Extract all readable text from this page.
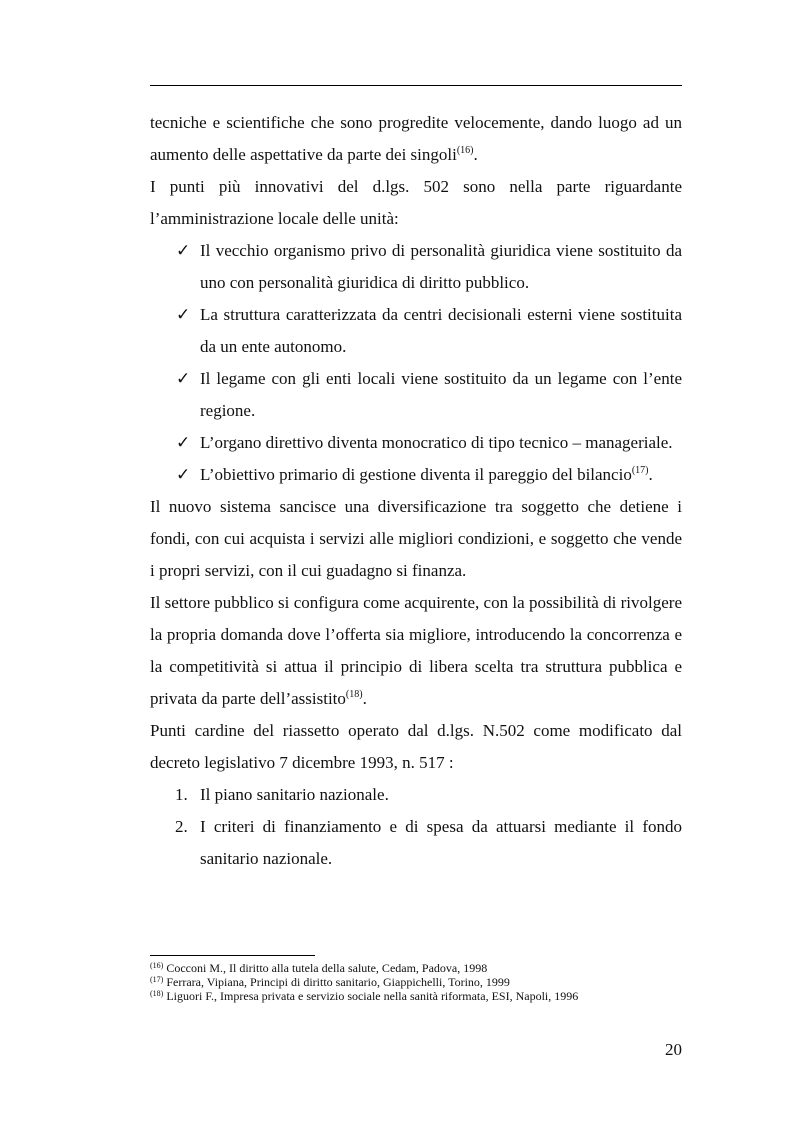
tecniche e scientifiche che sono progredite velocemente, dando luogo ad un aumento delle aspettative da parte dei singoli$^{(16)}$.

I punti più innovativi del d.lgs. 502 sono nella parte riguardante l’amministrazione locale delle unità:

✓ Il vecchio organismo privo di personalità giuridica viene sostituito da uno con personalità giuridica di diritto pubblico.
✓ La struttura caratterizzata da centri decisionali esterni viene sostituita da un ente autonomo.
✓ Il legame con gli enti locali viene sostituito da un legame con l’ente regione.
✓ L’organo direttivo diventa monocratico di tipo tecnico – manageriale.
✓ L’obiettivo primario di gestione diventa il pareggio del bilancio$^{(17)}$.

Il nuovo sistema sancisce una diversificazione tra soggetto che detiene i fondi, con cui acquista i servizi alle migliori condizioni, e soggetto che vende i propri servizi, con il cui guadagno si finanza.

Il settore pubblico si configura come acquirente, con la possibilità di rivolgere la propria domanda dove l’offerta sia migliore, introducendo la concorrenza e la competitività si attua il principio di libera scelta tra struttura pubblica e privata da parte dell’assistito$^{(18)}$.

Punti cardine del riassetto operato dal d.lgs. N.502 come modificato dal decreto legislativo 7 dicembre 1993, n. 517 :

1. Il piano sanitario nazionale.
2. I criteri di finanziamento e di spesa da attuarsi mediante il fondo sanitario nazionale.
$^{(16)}$ Cocconi M., Il diritto alla tutela della salute, Cedam, Padova, 1998
$^{(17)}$ Ferrara, Vipiana, Principi di diritto sanitario, Giappichelli, Torino, 1999
$^{(18)}$ Liguori F., Impresa privata e servizio sociale nella sanità riformata, ESI, Napoli, 1996
20
